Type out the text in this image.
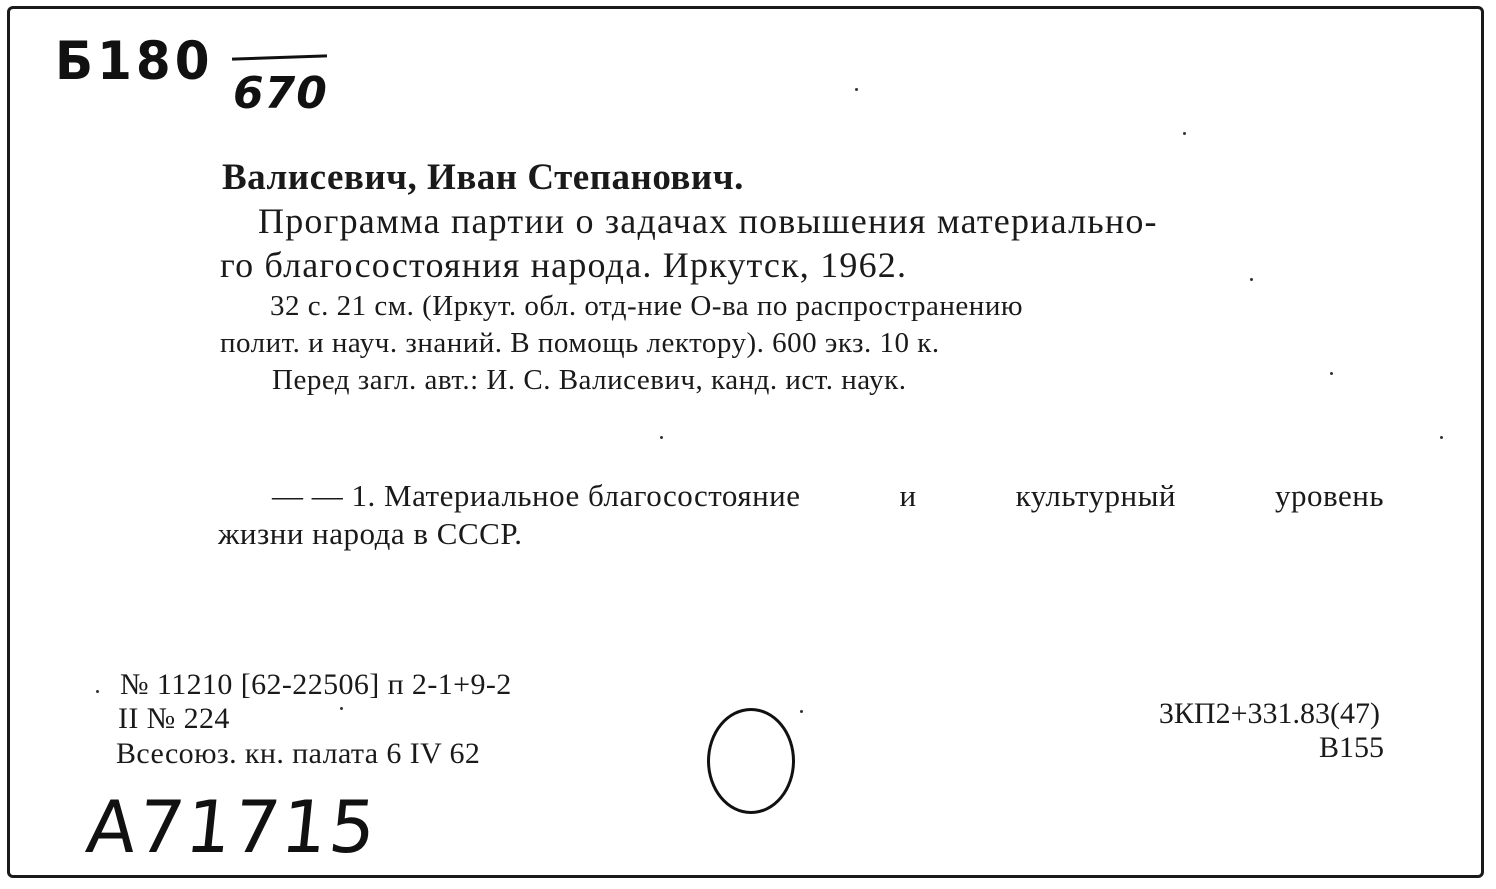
Б180
670
Валисевич, Иван Степанович.
Программа партии о задачах повышения материально-
го благосостояния народа. Иркутск, 1962.
32 с. 21 см. (Иркут. обл. отд-ние О-ва по распространению
полит. и науч. знаний. В помощь лектору). 600 экз. 10 к.
Перед загл. авт.: И. С. Валисевич, канд. ист. наук.
— — 1. Материальное благосостояние	и	культурный	уровень
жизни народа в СССР.
№ 11210 [62-22506] п 2-1+9-2
II № 224
Всесоюз. кн. палата 6 IV 62
3КП2+331.83(47)
В155
А71715
